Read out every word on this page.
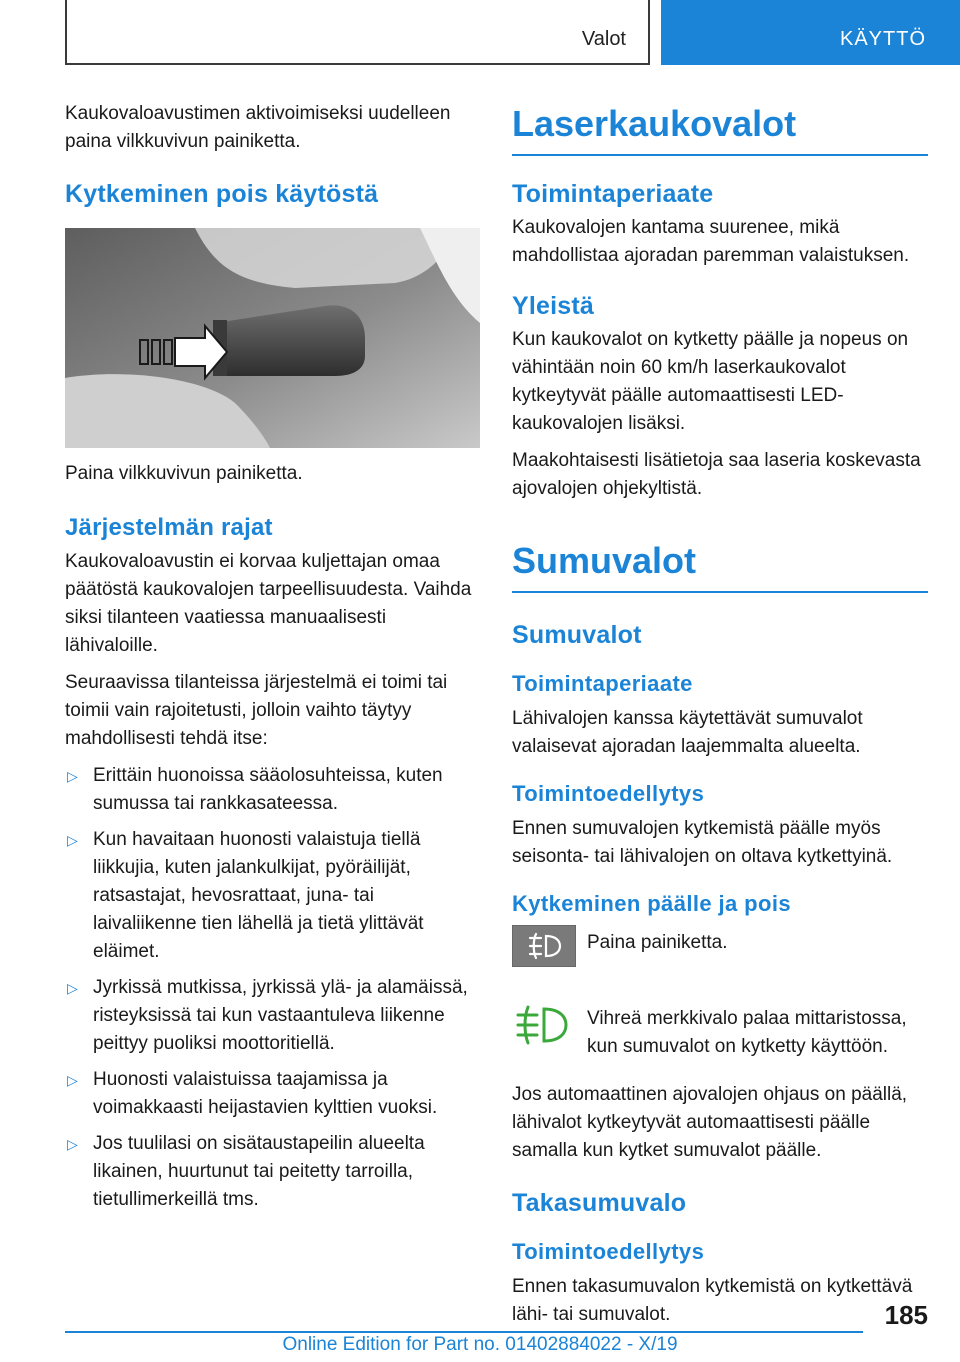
Valot	KÄYTTÖ

Kaukovaloavustimen aktivoimiseksi uudelleen paina vilkkuvivun painiketta.

Kytkeminen pois käytöstä

Paina vilkkuvivun painiketta.

Järjestelmän rajat

Kaukovaloavustin ei korvaa kuljettajan omaa päätöstä kaukovalojen tarpeellisuudesta. Vaihda siksi tilanteen vaatiessa manuaalisesti lähivaloille.

Seuraavissa tilanteissa järjestelmä ei toimi tai toimii vain rajoitetusti, jolloin vaihto täytyy mahdollisesti tehdä itse:

▷ Erittäin huonoissa sääolosuhteissa, kuten sumussa tai rankkasateessa.
▷ Kun havaitaan huonosti valaistuja tiellä liikkujia, kuten jalankulkijat, pyöräilijät, ratsastajat, hevosrattaat, juna- tai laivaliikenne tien lähellä ja tietä ylittävät eläimet.
▷ Jyrkissä mutkissa, jyrkissä ylä- ja alamäissä, risteyksissä tai kun vastaantuleva liikenne peittyy puoliksi moottoritiellä.
▷ Huonosti valaistuissa taajamissa ja voimakkaasti heijastavien kylttien vuoksi.
▷ Jos tuulilasi on sisätaustapeilin alueelta likainen, huurtunut tai peitetty tarroilla, tietullimerkeillä tms.
Laserkaukovalot
Toimintaperiaate

Kaukovalojen kantama suurenee, mikä mahdollistaa ajoradan paremman valaistuksen.

Yleistä

Kun kaukovalot on kytketty päälle ja nopeus on vähintään noin 60 km/h laserkaukovalot kytkeytyvät päälle automaattisesti LED-kaukovalojen lisäksi.

Maakohtaisesti lisätietoja saa laseria koskevasta ajovalojen ohjekyltistä.

Sumuvalot
Sumuvalot
Toimintaperiaate

Lähivalojen kanssa käytettävät sumuvalot valaisevat ajoradan laajemmalta alueelta.

Toimintoedellytys

Ennen sumuvalojen kytkemistä päälle myös seisonta- tai lähivalojen on oltava kytkettyinä.

Kytkeminen päälle ja pois

Paina painiketta.

Vihreä merkkivalo palaa mittaristossa, kun sumuvalot on kytketty käyttöön.

Jos automaattinen ajovalojen ohjaus on päällä, lähivalot kytkeytyvät automaattisesti päälle samalla kun kytket sumuvalot päälle.

Takasumuvalo
Toimintoedellytys

Ennen takasumuvalon kytkemistä on kytkettävä lähi- tai sumuvalot.	185
Online Edition for Part no. 01402884022 - X/19
